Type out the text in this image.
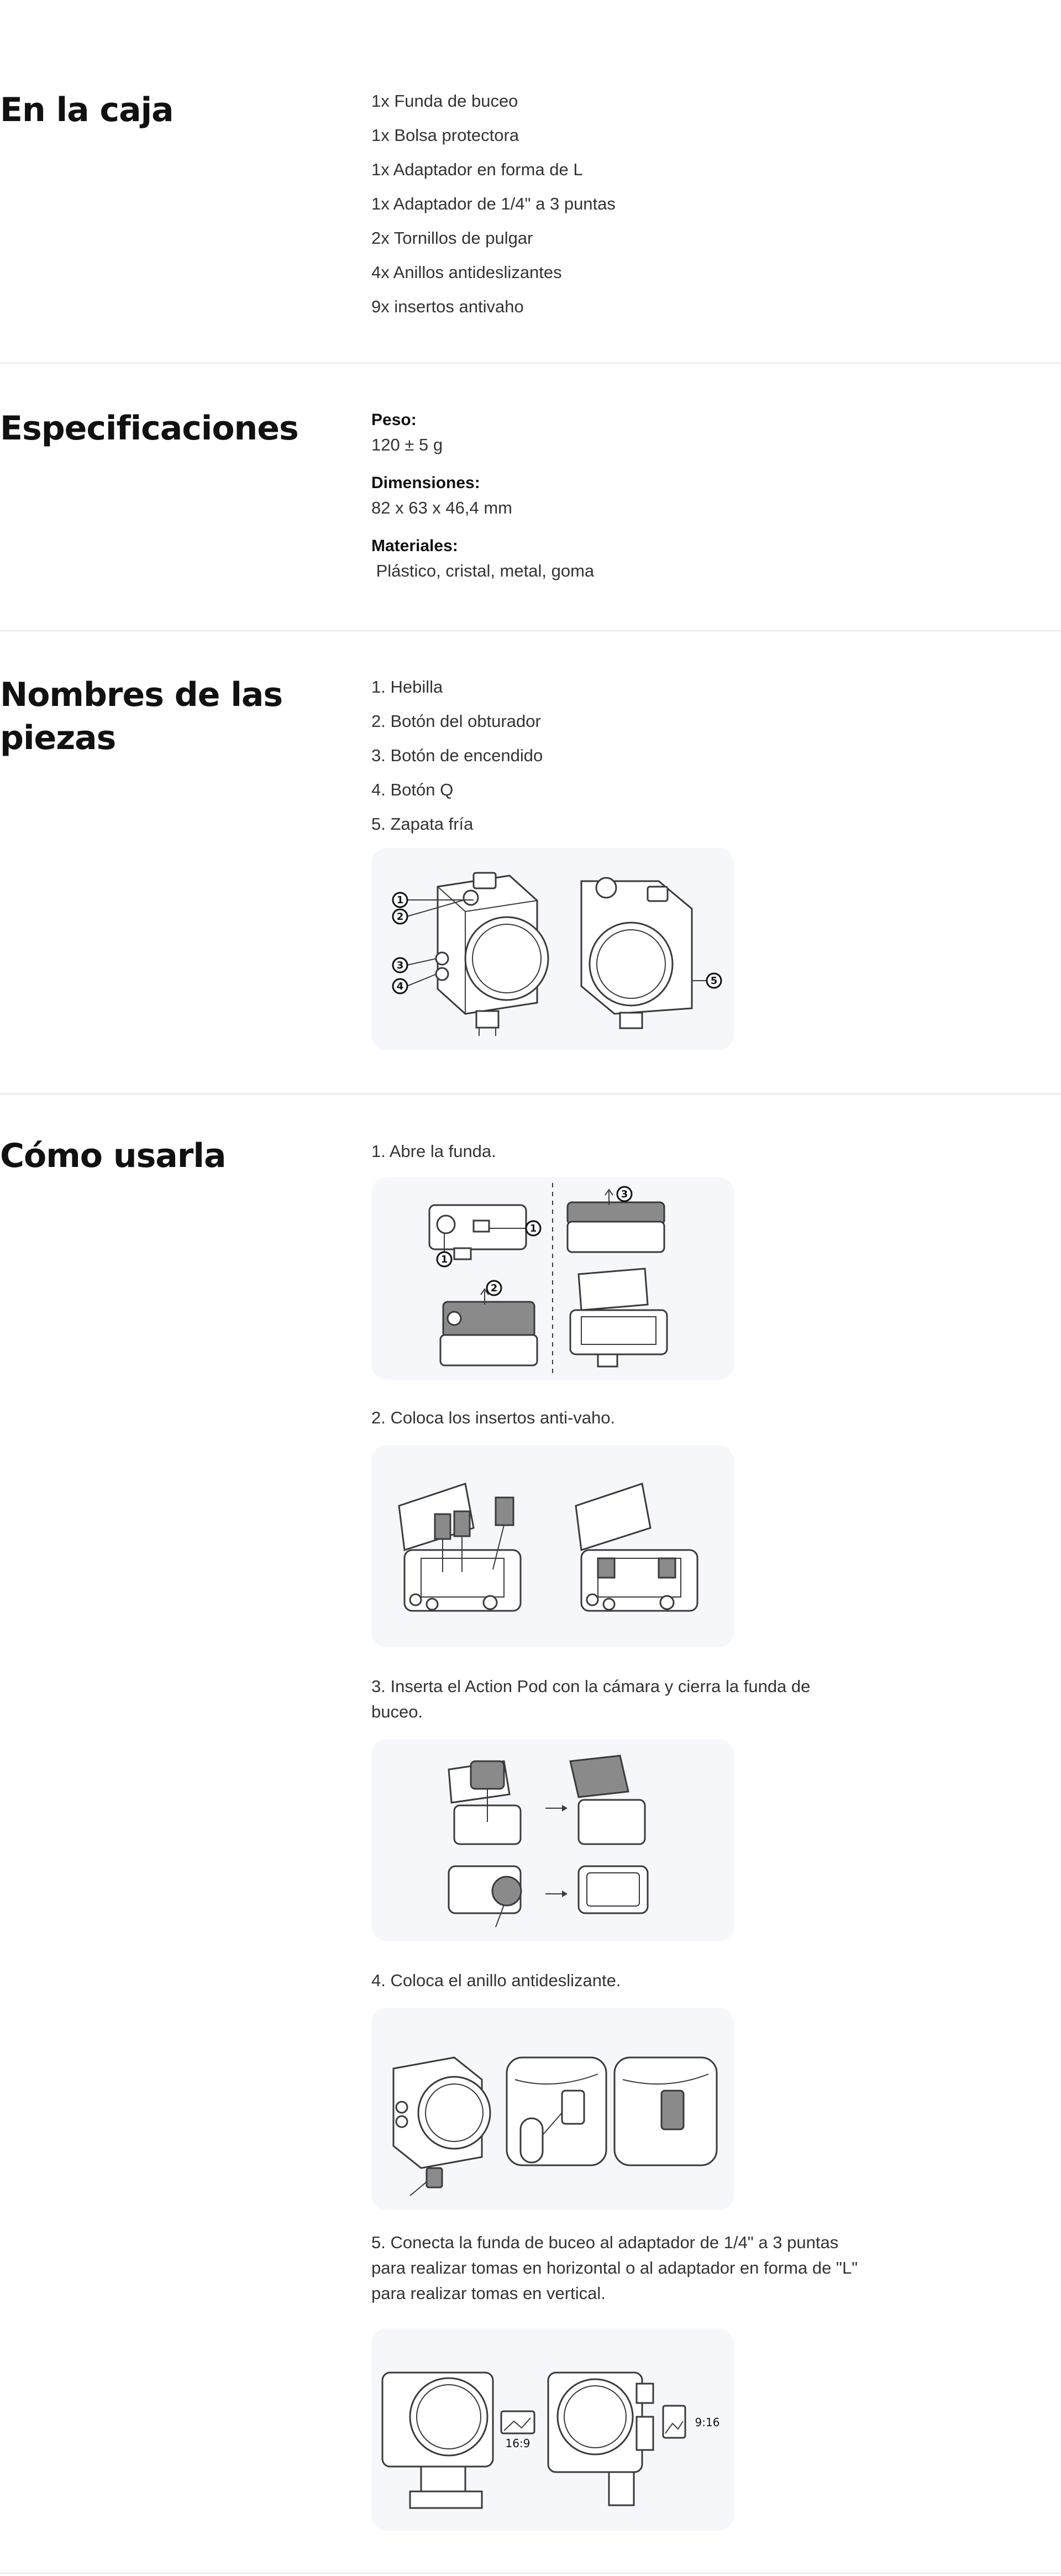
En la caja	1x Funda de buceo
1x Bolsa protectora
1x Adaptador en forma de L
1x Adaptador de 1/4" a 3 puntas
2x Tornillos de pulgar
4x Anillos antideslizantes
9x insertos antivaho
Especificaciones	Peso:
120 ± 5 g
Dimensiones:
82 x 63 x 46,4 mm
Materiales:
Plástico, cristal, metal, goma
Nombres de las piezas
1. Hebilla
2. Botón del obturador
3. Botón de encendido
4. Botón Q
5. Zapata fría
1
2
3
4	5
Cómo usarla	1. Abre la funda.
1
1
3
2
2. Coloca los insertos anti-vaho.
3. Inserta el Action Pod con la cámara y cierra la funda de buceo.
4. Coloca el anillo antideslizante.
5. Conecta la funda de buceo al adaptador de 1/4" a 3 puntas para realizar tomas en horizontal o al adaptador en forma de "L" para realizar tomas en vertical.
16:9
9:16
